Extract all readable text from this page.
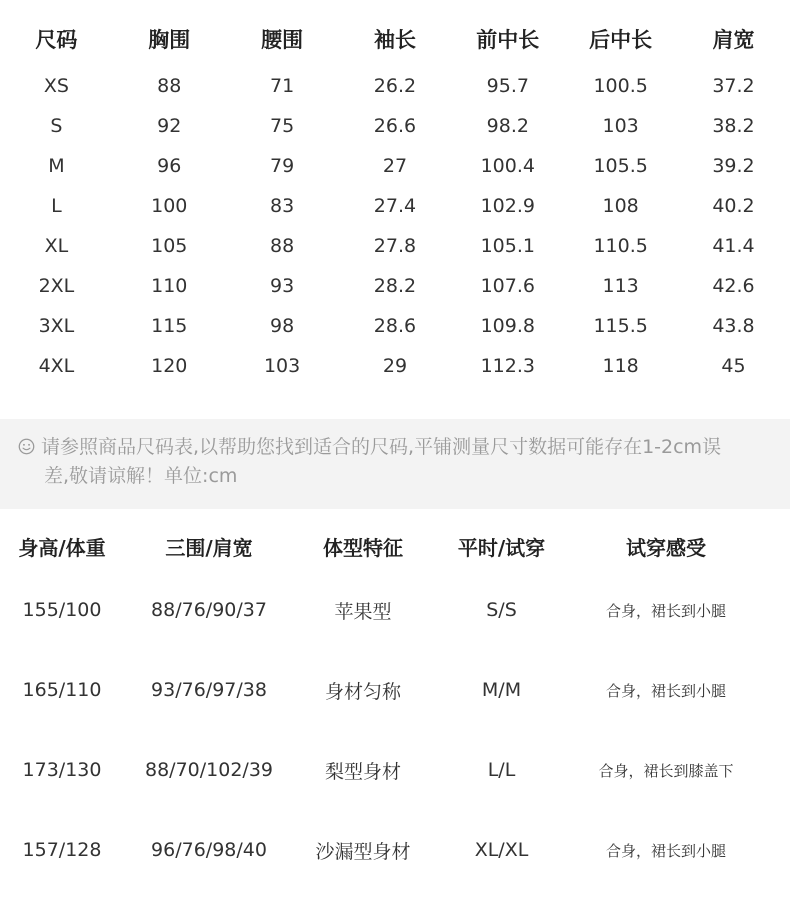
尺码	胸围	腰围	袖长	前中长	后中长	肩宽
XS	88	71	26.2	95.7	100.5	37.2
S	92	75	26.6	98.2	103	38.2
M	96	79	27	100.4	105.5	39.2
L	100	83	27.4	102.9	108	40.2
XL	105	88	27.8	105.1	110.5	41.4
2XL	110	93	28.2	107.6	113	42.6
3XL	115	98	28.6	109.8	115.5	43.8
4XL	120	103	29	112.3	118	45
请参照商品尺码表,以帮助您找到适合的尺码,平铺测量尺寸数据可能存在1-2cm误
差,敬请谅解！单位:cm
身高/体重	三围/肩宽	体型特征	平时/试穿	试穿感受
155/100	88/76/90/37	苹果型	S/S	合身，裙长到小腿
165/110	93/76/97/38	身材匀称	M/M	合身，裙长到小腿
173/130	88/70/102/39	梨型身材	L/L	合身，裙长到膝盖下
157/128	96/76/98/40	沙漏型身材	XL/XL	合身，裙长到小腿
